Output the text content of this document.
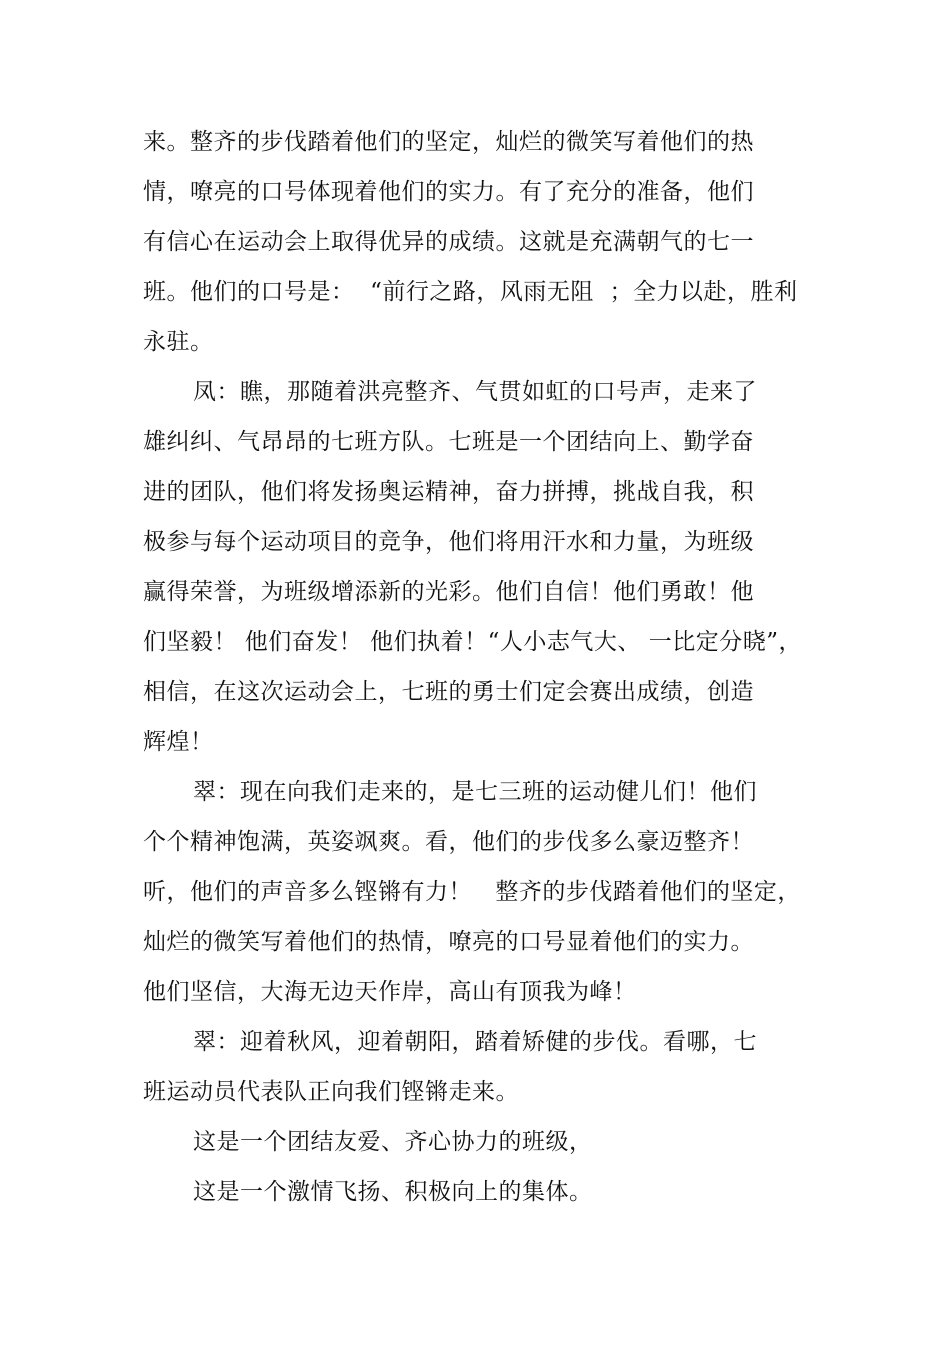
来。整齐的步伐踏着他们的坚定，灿烂的微笑写着他们的热

情，嘹亮的口号体现着他们的实力。有了充分的准备，他们

有信心在运动会上取得优异的成绩。这就是充满朝气的七一

班。他们的口号是：  “前行之路，风雨无阻  ；全力以赴，胜利

永驻。

凤：瞧，那随着洪亮整齐、气贯如虹的口号声，走来了

雄纠纠、气昂昂的七班方队。七班是一个团结向上、勤学奋

进的团队，他们将发扬奥运精神，奋力拼搏，挑战自我，积

极参与每个运动项目的竞争，他们将用汗水和力量，为班级

赢得荣誉，为班级增添新的光彩。他们自信！他们勇敢！他

们坚毅！ 他们奋发！ 他们执着！“人小志气大、 一比定分晓”，

相信，在这次运动会上，七班的勇士们定会赛出成绩，创造

辉煌！

翠：现在向我们走来的，是七三班的运动健儿们！他们

个个精神饱满，英姿飒爽。看，他们的步伐多么豪迈整齐！

听，他们的声音多么铿锵有力！   整齐的步伐踏着他们的坚定，

灿烂的微笑写着他们的热情，嘹亮的口号显着他们的实力。

他们坚信，大海无边天作岸，高山有顶我为峰！

翠：迎着秋风，迎着朝阳，踏着矫健的步伐。看哪，七

班运动员代表队正向我们铿锵走来。

这是一个团结友爱、齐心协力的班级，

这是一个激情飞扬、积极向上的集体。
